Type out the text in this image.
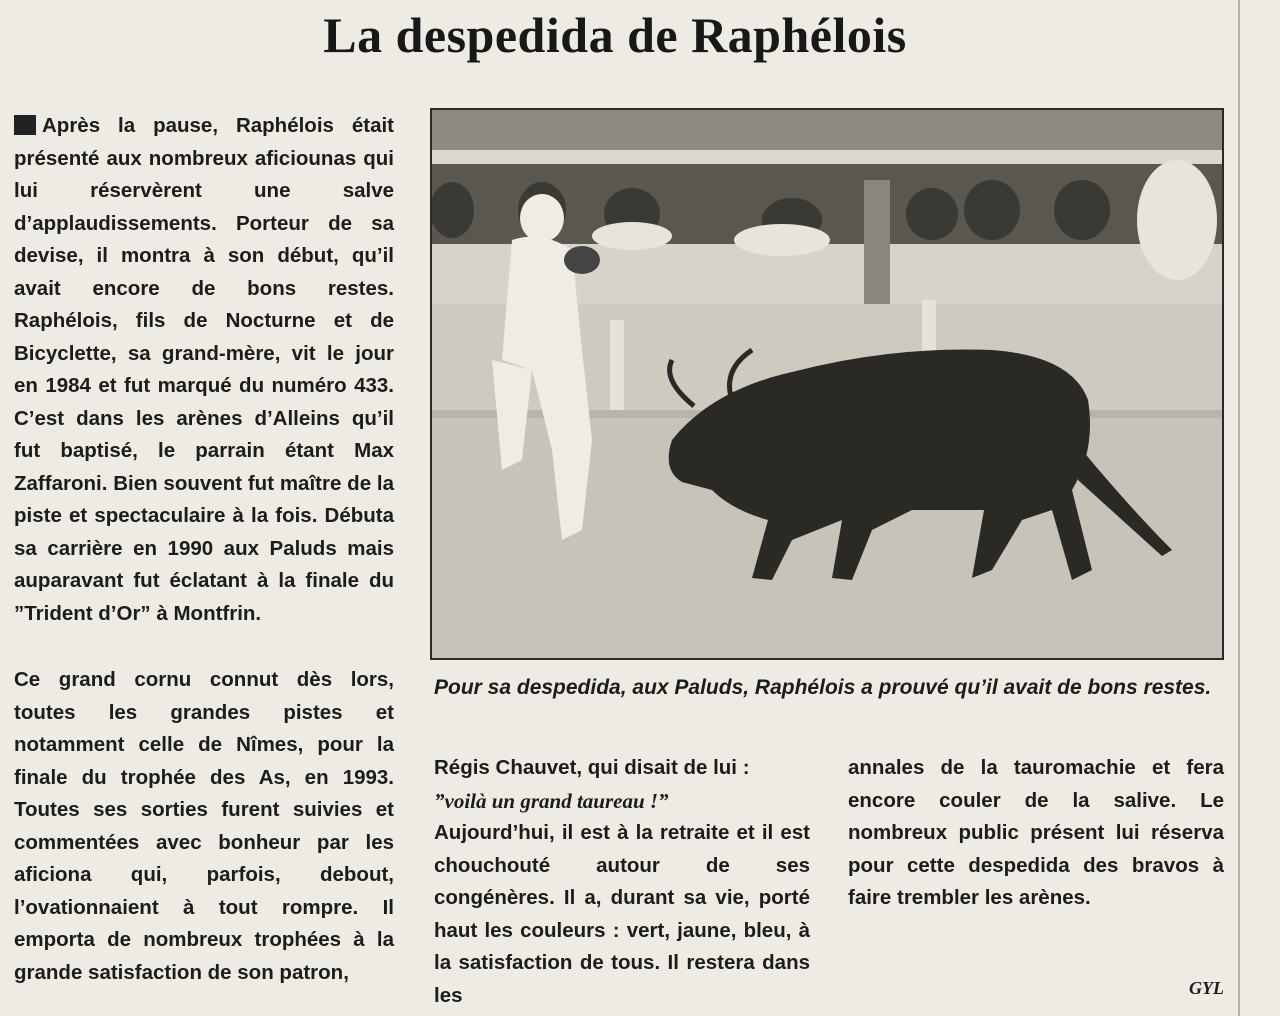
La despedida de Raphélois

Après la pause, Raphélois était présenté aux nombreux aficiounas qui lui réservèrent une salve d’applaudissements. Porteur de sa devise, il montra à son début, qu’il avait encore de bons restes. Raphélois, fils de Nocturne et de Bicyclette, sa grand-mère, vit le jour en 1984 et fut marqué du numéro 433. C’est dans les arènes d’Alleins qu’il fut baptisé, le parrain étant Max Zaffaroni. Bien souvent fut maître de la piste et spectaculaire à la fois. Débuta sa carrière en 1990 aux Paluds mais auparavant fut éclatant à la finale du ”Trident d’Or” à Montfrin.

Ce grand cornu connut dès lors, toutes les grandes pistes et notamment celle de Nîmes, pour la finale du trophée des As, en 1993. Toutes ses sorties furent suivies et commentées avec bonheur par les aficiona qui, parfois, debout, l’ovationnaient à tout rompre. Il emporta de nombreux trophées à la grande satisfaction de son patron,

Pour sa despedida, aux Paluds, Raphélois a prouvé qu’il avait de bons restes.

Régis Chauvet, qui disait de lui :
”voilà un grand taureau !”
Aujourd’hui, il est à la retraite et il est chouchouté autour de ses congénères. Il a, durant sa vie, porté haut les couleurs : vert, jaune, bleu, à la satisfaction de tous. Il restera dans les

annales de la tauromachie et fera encore couler de la salive. Le nombreux public présent lui réserva pour cette despedida des bravos à faire trembler les arènes.

GYL
